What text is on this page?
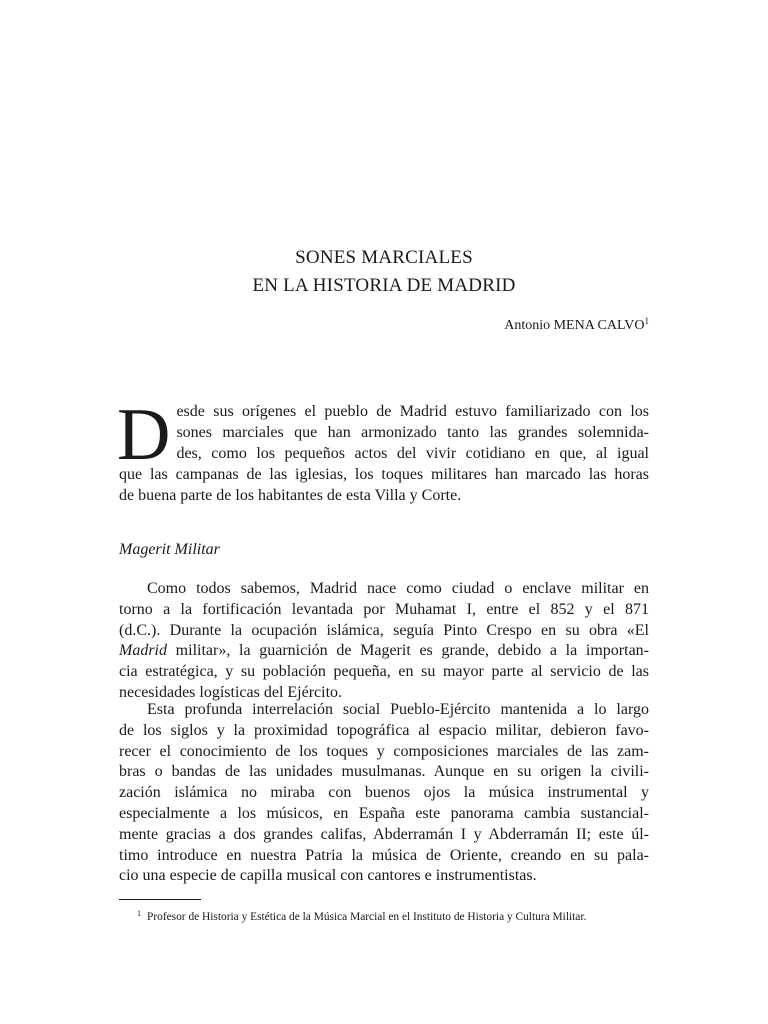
SONES MARCIALES
EN LA HISTORIA DE MADRID
Antonio MENA CALVO$^1$
D esde sus orígenes el pueblo de Madrid estuvo familiarizado con los
sones marciales que han armonizado tanto las grandes solemnida-
des, como los pequeños actos del vivir cotidiano en que, al igual
que las campanas de las iglesias, los toques militares han marcado las horas
de buena parte de los habitantes de esta Villa y Corte.
Magerit Militar
Como todos sabemos, Madrid nace como ciudad o enclave militar en
torno a la fortificación levantada por Muhamat I, entre el 852 y el 871
(d.C.). Durante la ocupación islámica, seguía Pinto Crespo en su obra «El
Madrid militar», la guarnición de Magerit es grande, debido a la importan-
cia estratégica, y su población pequeña, en su mayor parte al servicio de las
necesidades logísticas del Ejército.
Esta profunda interrelación social Pueblo-Ejército mantenida a lo largo
de los siglos y la proximidad topográfica al espacio militar, debieron favo-
recer el conocimiento de los toques y composiciones marciales de las zam-
bras o bandas de las unidades musulmanas. Aunque en su origen la civili-
zación islámica no miraba con buenos ojos la música instrumental y
especialmente a los músicos, en España este panorama cambia sustancial-
mente gracias a dos grandes califas, Abderramán I y Abderramán II; este úl-
timo introduce en nuestra Patria la música de Oriente, creando en su pala-
cio una especie de capilla musical con cantores e instrumentistas.
$^1$ Profesor de Historia y Estética de la Música Marcial en el Instituto de Historia y Cultura Militar.
